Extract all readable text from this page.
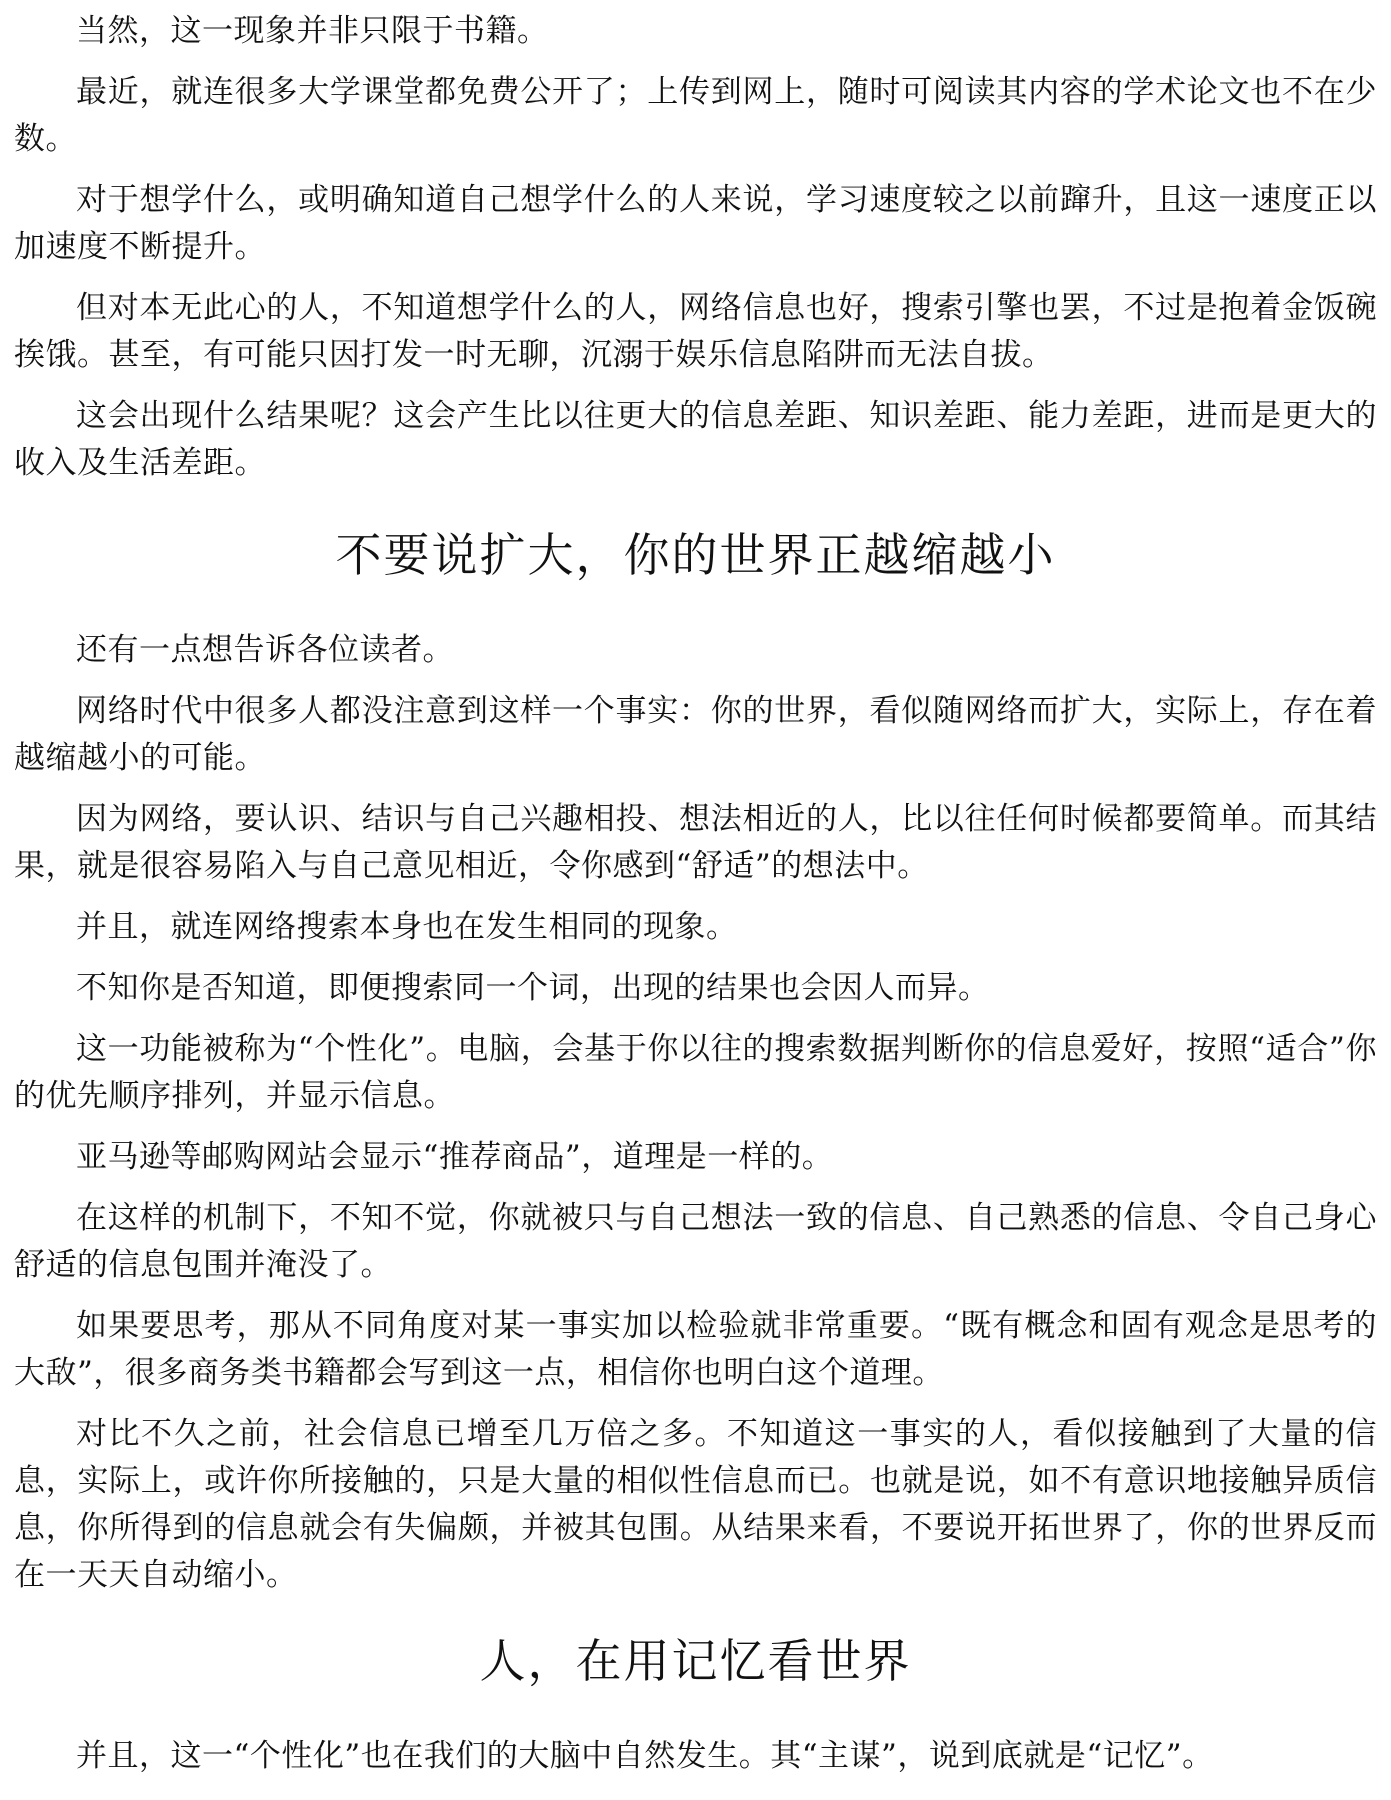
当然，这一现象并非只限于书籍。

最近，就连很多大学课堂都免费公开了；上传到网上，随时可阅读其内容的学术论文也不在少数。

对于想学什么，或明确知道自己想学什么的人来说，学习速度较之以前蹿升，且这一速度正以加速度不断提升。

但对本无此心的人，不知道想学什么的人，网络信息也好，搜索引擎也罢，不过是抱着金饭碗挨饿。甚至，有可能只因打发一时无聊，沉溺于娱乐信息陷阱而无法自拔。

这会出现什么结果呢？这会产生比以往更大的信息差距、知识差距、能力差距，进而是更大的收入及生活差距。

不要说扩大，你的世界正越缩越小

还有一点想告诉各位读者。

网络时代中很多人都没注意到这样一个事实：你的世界，看似随网络而扩大，实际上，存在着越缩越小的可能。

因为网络，要认识、结识与自己兴趣相投、想法相近的人，比以往任何时候都要简单。而其结果，就是很容易陷入与自己意见相近，令你感到“舒适”的想法中。

并且，就连网络搜索本身也在发生相同的现象。

不知你是否知道，即便搜索同一个词，出现的结果也会因人而异。

这一功能被称为“个性化”。电脑，会基于你以往的搜索数据判断你的信息爱好，按照“适合”你的优先顺序排列，并显示信息。

亚马逊等邮购网站会显示“推荐商品”，道理是一样的。

在这样的机制下，不知不觉，你就被只与自己想法一致的信息、自己熟悉的信息、令自己身心舒适的信息包围并淹没了。

如果要思考，那从不同角度对某一事实加以检验就非常重要。“既有概念和固有观念是思考的大敌”，很多商务类书籍都会写到这一点，相信你也明白这个道理。

对比不久之前，社会信息已增至几万倍之多。不知道这一事实的人，看似接触到了大量的信息，实际上，或许你所接触的，只是大量的相似性信息而已。也就是说，如不有意识地接触异质信息，你所得到的信息就会有失偏颇，并被其包围。从结果来看，不要说开拓世界了，你的世界反而在一天天自动缩小。

人，在用记忆看世界

并且，这一“个性化”也在我们的大脑中自然发生。其“主谋”，说到底就是“记忆”。
